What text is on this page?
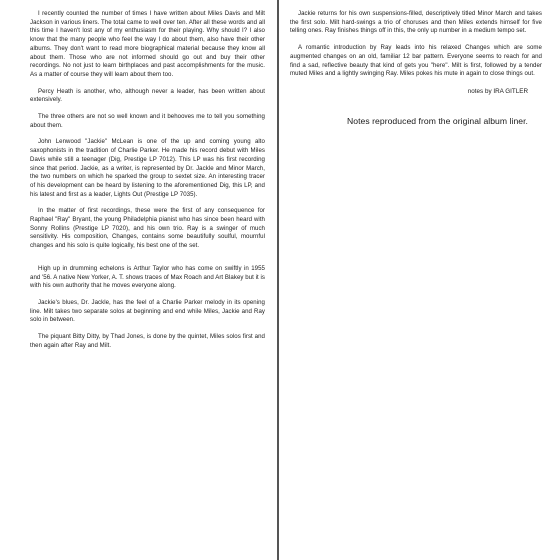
I recently counted the number of times I have written about Miles Davis and Milt Jackson in various liners. The total came to well over ten. After all these words and all this time I haven't lost any of my enthusiasm for their playing. Why should I? I also know that the many people who feel the way I do about them, also have their other albums. They don't want to read more biographical material because they know all about them. Those who are not informed should go out and buy their other recordings. No not just to learn birthplaces and past accomplishments for the music. As a matter of course they will learn about them too.

Percy Heath is another, who, although never a leader, has been written about extensively.

The three others are not so well known and it behooves me to tell you something about them.

John Lenwood "Jackie" McLean is one of the up and coming young alto saxophonists in the tradition of Charlie Parker. He made his record debut with Miles Davis while still a teenager (Dig, Prestige LP 7012). This LP was his first recording since that period. Jackie, as a writer, is represented by Dr. Jackle and Minor March, the two numbers on which he sparked the group to sextet size. An interesting tracer of his development can be heard by listening to the aforementioned Dig, this LP, and his latest and first as a leader, Lights Out (Prestige LP 7035).

In the matter of first recordings, these were the first of any consequence for Raphael "Ray" Bryant, the young Philadelphia pianist who has since been heard with Sonny Rollins (Prestige LP 7020), and his own trio. Ray is a swinger of much sensitivity. His composition, Changes, contains some beautifully soulful, mournful changes and his solo is quite logically, his best one of the set.

High up in drumming echelons is Arthur Taylor who has come on swiftly in 1955 and '56. A native New Yorker, A. T. shows traces of Max Roach and Art Blakey but it is with his own authority that he moves everyone along.

Jackie's blues, Dr. Jackle, has the feel of a Charlie Parker melody in its opening line. Milt takes two separate solos at beginning and end while Miles, Jackie and Ray solo in between.

The piquant Bitty Ditty, by Thad Jones, is done by the quintet, Miles solos first and then again after Ray and Milt.

Jackie returns for his own suspensions-filled, descriptively titled Minor March and takes the first solo. Milt hard-swings a trio of choruses and then Miles extends himself for five telling ones. Ray finishes things off in this, the only up number in a medium tempo set.

A romantic introduction by Ray leads into his relaxed Changes which are some augmented changes on an old, familiar 12 bar pattern. Everyone seems to reach for and find a sad, reflective beauty that kind of gets you "here". Milt is first, followed by a tender muted Miles and a lightly swinging Ray. Miles pokes his mute in again to close things out.

notes by IRA GITLER
Notes reproduced from the original album liner.
